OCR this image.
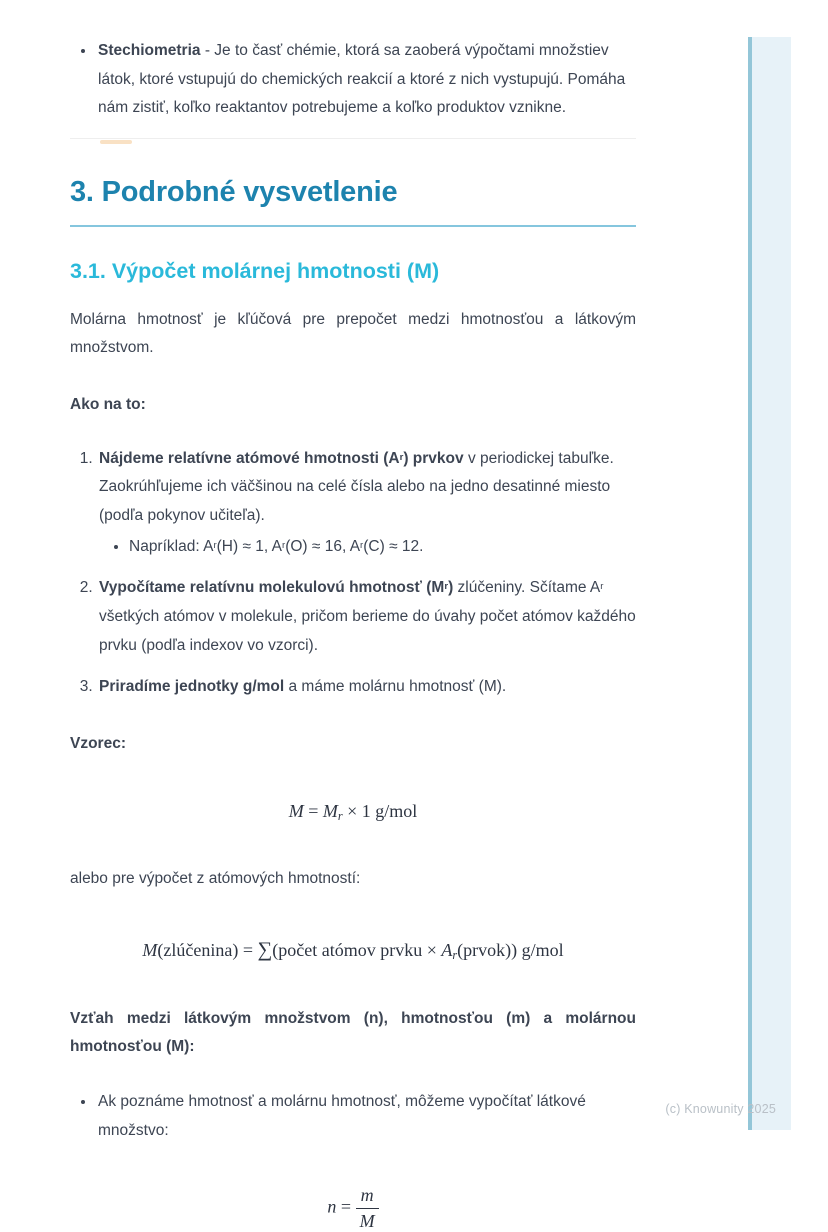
• Stechiometria - Je to časť chémie, ktorá sa zaoberá výpočtami množstiev látok, ktoré vstupujú do chemických reakcií a ktoré z nich vystupujú. Pomáha nám zistiť, koľko reaktantov potrebujeme a koľko produktov vznikne.
3. Podrobné vysvetlenie
3.1. Výpočet molárnej hmotnosti (M)

Molárna hmotnosť je kľúčová pre prepočet medzi hmotnosťou a látkovým množstvom.

Ako na to:

1. Nájdeme relatívne atómové hmotnosti (Ar) prvkov v periodickej tabuľke. Zaokrúhľujeme ich väčšinou na celé čísla alebo na jedno desatinné miesto (podľa pokynov učiteľa).
• Napríklad: Ar(H) ≈ 1, Ar(O) ≈ 16, Ar(C) ≈ 12.
2. Vypočítame relatívnu molekulovú hmotnosť (Mr) zlúčeniny. Sčítame Ar všetkých atómov v molekule, pričom berieme do úvahy počet atómov každého prvku (podľa indexov vo vzorci).
3. Priradíme jednotky g/mol a máme molárnu hmotnosť (M).

Vzorec:

M = Mr × 1 g/mol

alebo pre výpočet z atómových hmotností:

M(zlúčenina) = ∑(počet atómov prvku × Ar(prvok)) g/mol

Vzťah medzi látkovým množstvom (n), hmotnosťou (m) a molárnou hmotnosťou (M):

• Ak poznáme hmotnosť a molárnu hmotnosť, môžeme vypočítať látkové množstvo:
$n = \frac{m}{M}$
(c) Knowunity 2025
